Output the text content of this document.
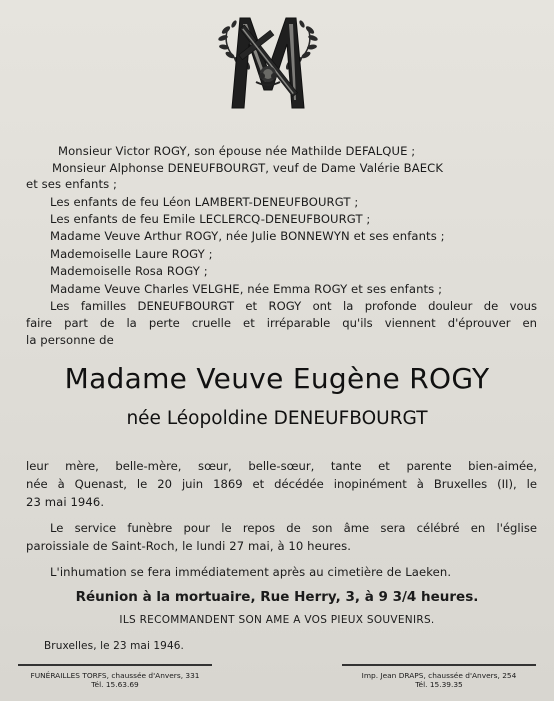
Monsieur Victor ROGY, son épouse née Mathilde DEFALQUE ;
Monsieur Alphonse DENEUFBOURGT, veuf de Dame Valérie BAECK
et ses enfants ;
Les enfants de feu Léon LAMBERT-DENEUFBOURGT ;
Les enfants de feu Emile LECLERCQ-DENEUFBOURGT ;
Madame Veuve Arthur ROGY, née Julie BONNEWYN et ses enfants ;
Mademoiselle Laure ROGY ;
Mademoiselle Rosa ROGY ;
Madame Veuve Charles VELGHE, née Emma ROGY et ses enfants ;
Les familles DENEUFBOURGT et ROGY ont la profonde douleur de vous
faire part de la perte cruelle et irréparable qu'ils viennent d'éprouver en
la personne de
Madame Veuve Eugène ROGY
née Léopoldine DENEUFBOURGT
leur mère, belle-mère, sœur, belle-sœur, tante et parente bien-aimée,
née à Quenast, le 20 juin 1869 et décédée inopinément à Bruxelles (II), le
23 mai 1946.
Le service funèbre pour le repos de son âme sera célébré en l'église
paroissiale de Saint-Roch, le lundi 27 mai, à 10 heures.
L'inhumation se fera immédiatement après au cimetière de Laeken.
Réunion à la mortuaire, Rue Herry, 3, à 9 3/4 heures.
ILS RECOMMANDENT SON AME A VOS PIEUX SOUVENIRS.
Bruxelles, le 23 mai 1946.
FUNÉRAILLES TORFS, chaussée d'Anvers, 331
Tél. 15.63.69
Imp. Jean DRAPS, chaussée d'Anvers, 254
Tél. 15.39.35
